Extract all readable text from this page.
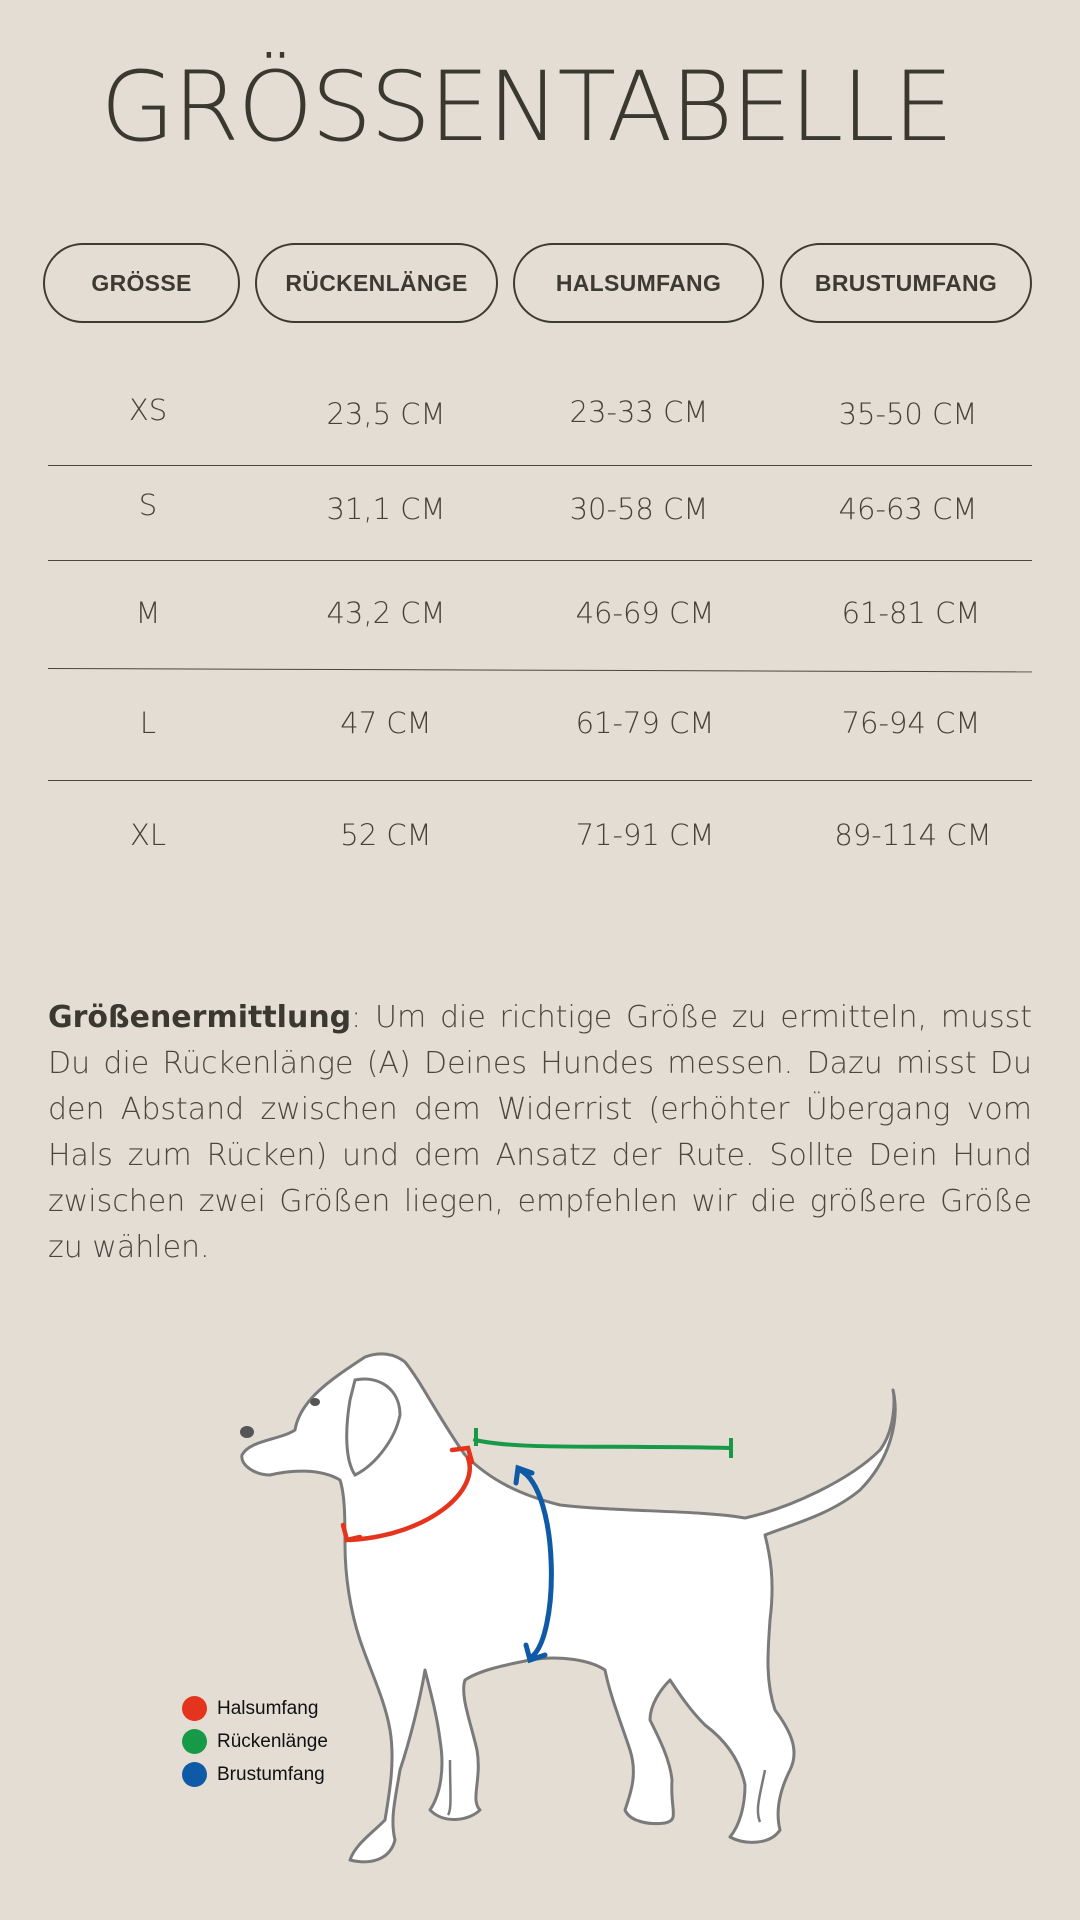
GRÖSSENTABELLE
GRÖSSE	RÜCKENLÄNGE	HALSUMFANG	BRUSTUMFANG
XS	23,5 CM	23-33 CM	35-50 CM
S	31,1 CM	30-58 CM	46-63 CM
M	43,2 CM	46-69 CM	61-81 CM
L	47 CM	61-79 CM	76-94 CM
XL	52 CM	71-91 CM	89-114 CM
Größenermittlung: Um die richtige Größe zu ermitteln, musst Du die Rückenlänge (A) Deines Hundes messen. Dazu misst Du den Abstand zwischen dem Widerrist (erhöhter Übergang vom Hals zum Rücken) und dem Ansatz der Rute. Sollte Dein Hund zwischen zwei Größen liegen, empfehlen wir die größere Größe zu wählen.
Halsumfang
Rückenlänge
Brustumfang
